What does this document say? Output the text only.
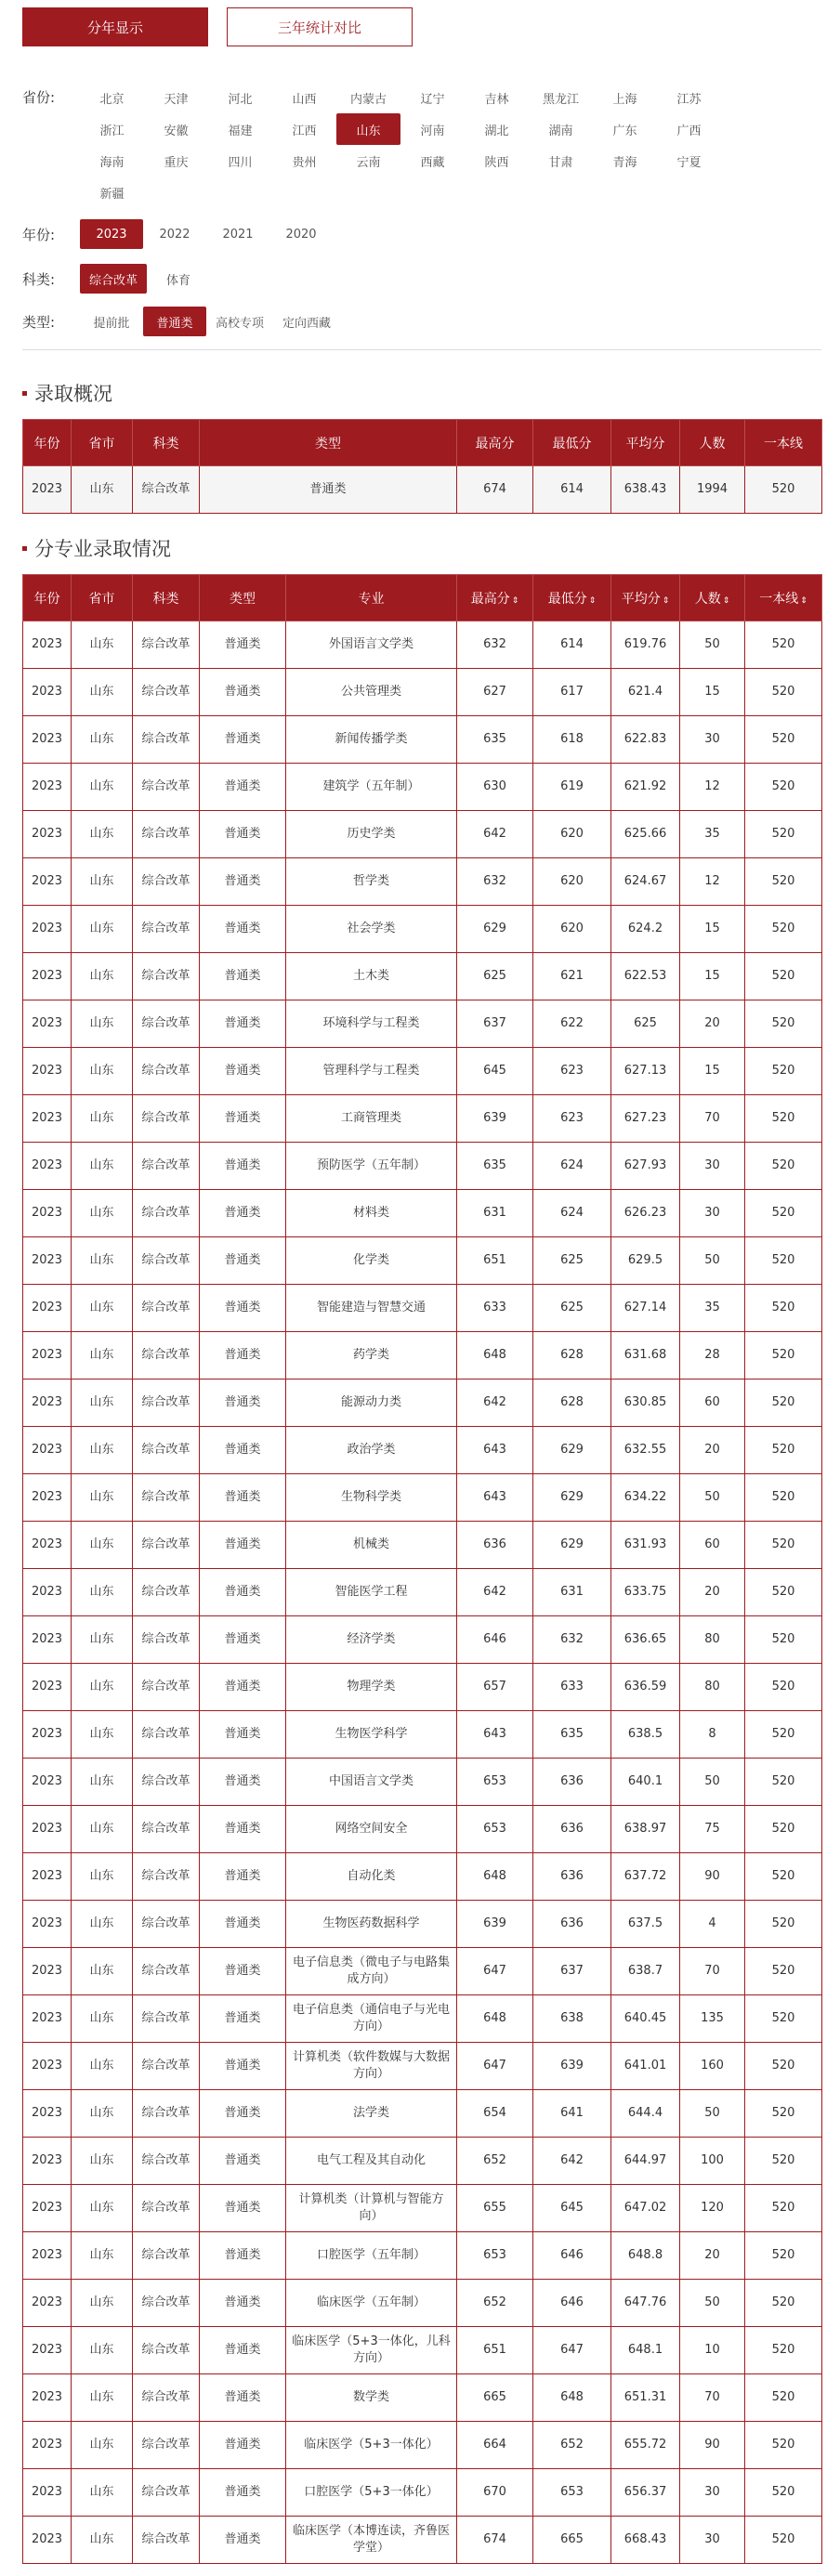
分年显示	三年统计对比
省份:	北京	天津	河北	山西	内蒙古	辽宁	吉林	黑龙江	上海	江苏
浙江	安徽	福建	江西	山东	河南	湖北	湖南	广东	广西
海南	重庆	四川	贵州	云南	西藏	陕西	甘肃	青海	宁夏
新疆
年份:	2023	2022	2021	2020
科类:	综合改革	体育
类型:	提前批	普通类	高校专项	定向西藏
录取概况
年份	省市	科类	类型	最高分	最低分	平均分	人数	一本线
2023	山东	综合改革	普通类	674	614	638.43	1994	520
分专业录取情况
年份	省市	科类	类型	专业	最高分 ⇕	最低分 ⇕	平均分 ⇕	人数 ⇕	一本线 ⇕
2023	山东	综合改革	普通类	外国语言文学类	632	614	619.76	50	520
2023	山东	综合改革	普通类	公共管理类	627	617	621.4	15	520
2023	山东	综合改革	普通类	新闻传播学类	635	618	622.83	30	520
2023	山东	综合改革	普通类	建筑学（五年制）	630	619	621.92	12	520
2023	山东	综合改革	普通类	历史学类	642	620	625.66	35	520
2023	山东	综合改革	普通类	哲学类	632	620	624.67	12	520
2023	山东	综合改革	普通类	社会学类	629	620	624.2	15	520
2023	山东	综合改革	普通类	土木类	625	621	622.53	15	520
2023	山东	综合改革	普通类	环境科学与工程类	637	622	625	20	520
2023	山东	综合改革	普通类	管理科学与工程类	645	623	627.13	15	520
2023	山东	综合改革	普通类	工商管理类	639	623	627.23	70	520
2023	山东	综合改革	普通类	预防医学（五年制）	635	624	627.93	30	520
2023	山东	综合改革	普通类	材料类	631	624	626.23	30	520
2023	山东	综合改革	普通类	化学类	651	625	629.5	50	520
2023	山东	综合改革	普通类	智能建造与智慧交通	633	625	627.14	35	520
2023	山东	综合改革	普通类	药学类	648	628	631.68	28	520
2023	山东	综合改革	普通类	能源动力类	642	628	630.85	60	520
2023	山东	综合改革	普通类	政治学类	643	629	632.55	20	520
2023	山东	综合改革	普通类	生物科学类	643	629	634.22	50	520
2023	山东	综合改革	普通类	机械类	636	629	631.93	60	520
2023	山东	综合改革	普通类	智能医学工程	642	631	633.75	20	520
2023	山东	综合改革	普通类	经济学类	646	632	636.65	80	520
2023	山东	综合改革	普通类	物理学类	657	633	636.59	80	520
2023	山东	综合改革	普通类	生物医学科学	643	635	638.5	8	520
2023	山东	综合改革	普通类	中国语言文学类	653	636	640.1	50	520
2023	山东	综合改革	普通类	网络空间安全	653	636	638.97	75	520
2023	山东	综合改革	普通类	自动化类	648	636	637.72	90	520
2023	山东	综合改革	普通类	生物医药数据科学	639	636	637.5	4	520
2023	山东	综合改革	普通类	电子信息类（微电子与电路集成方向）	647	637	638.7	70	520
2023	山东	综合改革	普通类	电子信息类（通信电子与光电方向）	648	638	640.45	135	520
2023	山东	综合改革	普通类	计算机类（软件数媒与大数据方向）	647	639	641.01	160	520
2023	山东	综合改革	普通类	法学类	654	641	644.4	50	520
2023	山东	综合改革	普通类	电气工程及其自动化	652	642	644.97	100	520
2023	山东	综合改革	普通类	计算机类（计算机与智能方向）	655	645	647.02	120	520
2023	山东	综合改革	普通类	口腔医学（五年制）	653	646	648.8	20	520
2023	山东	综合改革	普通类	临床医学（五年制）	652	646	647.76	50	520
2023	山东	综合改革	普通类	临床医学（5+3一体化，儿科方向）	651	647	648.1	10	520
2023	山东	综合改革	普通类	数学类	665	648	651.31	70	520
2023	山东	综合改革	普通类	临床医学（5+3一体化）	664	652	655.72	90	520
2023	山东	综合改革	普通类	口腔医学（5+3一体化）	670	653	656.37	30	520
2023	山东	综合改革	普通类	临床医学（本博连读，齐鲁医学堂）	674	665	668.43	30	520
